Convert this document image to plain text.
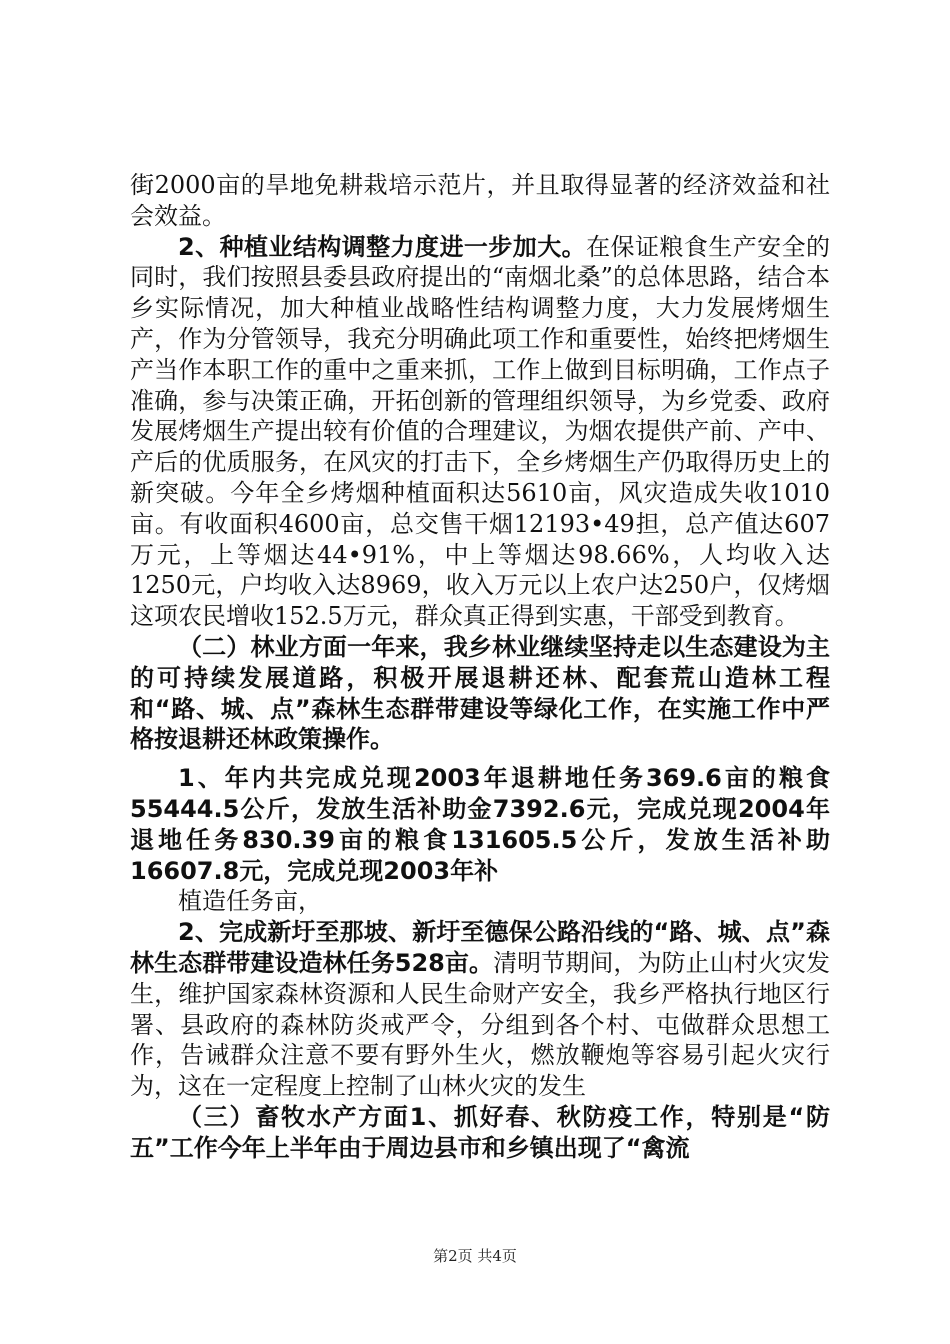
街2000亩的旱地免耕栽培示范片，并且取得显著的经济效益和社会效益。

2、种植业结构调整力度进一步加大。在保证粮食生产安全的同时，我们按照县委县政府提出的“南烟北桑”的总体思路，结合本乡实际情况，加大种植业战略性结构调整力度，大力发展烤烟生产，作为分管领导，我充分明确此项工作和重要性，始终把烤烟生产当作本职工作的重中之重来抓，工作上做到目标明确，工作点子准确，参与决策正确，开拓创新的管理组织领导，为乡党委、政府发展烤烟生产提出较有价值的合理建议，为烟农提供产前、产中、产后的优质服务，在风灾的打击下，全乡烤烟生产仍取得历史上的新突破。今年全乡烤烟种植面积达5610亩，风灾造成失收1010亩。有收面积4600亩，总交售干烟12193•49担，总产值达607万元，上等烟达44•91%，中上等烟达98.66%，人均收入达1250元，户均收入达8969，收入万元以上农户达250户，仅烤烟这项农民增收152.5万元，群众真正得到实惠，干部受到教育。

（二）林业方面一年来，我乡林业继续坚持走以生态建设为主的可持续发展道路，积极开展退耕还林、配套荒山造林工程和“路、城、点”森林生态群带建设等绿化工作，在实施工作中严格按退耕还林政策操作。

1、年内共完成兑现2003年退耕地任务369.6亩的粮食55444.5公斤，发放生活补助金7392.6元，完成兑现2004年退地任务830.39亩的粮食131605.5公斤，发放生活补助16607.8元，完成兑现2003年补

植造任务亩，

2、完成新圩至那坡、新圩至德保公路沿线的“路、城、点”森林生态群带建设造林任务528亩。清明节期间，为防止山村火灾发生，维护国家森林资源和人民生命财产安全，我乡严格执行地区行署、县政府的森林防炎戒严令，分组到各个村、屯做群众思想工作，告诫群众注意不要有野外生火，燃放鞭炮等容易引起火灾行为，这在一定程度上控制了山林火灾的发生

（三）畜牧水产方面1、抓好春、秋防疫工作，特别是“防五”工作今年上半年由于周边县市和乡镇出现了“禽流

第2页 共4页
